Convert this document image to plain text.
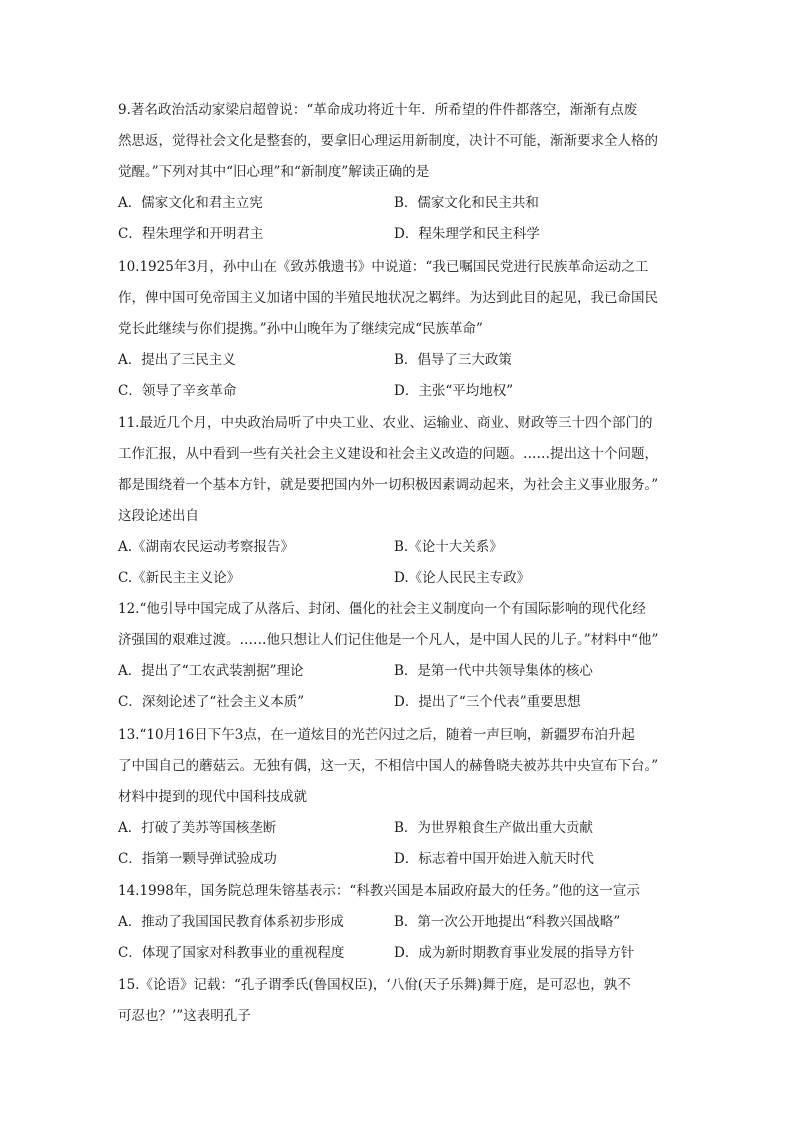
9.著名政治活动家梁启超曾说：“革命成功将近十年．所希望的件件都落空，渐渐有点废

然思返，觉得社会文化是整套的，要拿旧心理运用新制度，决计不可能，渐渐要求全人格的

觉醒。”下列对其中“旧心理”和“新制度”解读正确的是

A．儒家文化和君主立宪	B．儒家文化和民主共和
C．程朱理学和开明君主	D．程朱理学和民主科学

10.1925年3月，孙中山在《致苏俄遗书》中说道：“我已嘱国民党进行民族革命运动之工

作，俾中国可免帝国主义加诸中国的半殖民地状况之羁绊。为达到此目的起见，我已命国民

党长此继续与你们提携。”孙中山晚年为了继续完成“民族革命”

A．提出了三民主义	B．倡导了三大政策
C．领导了辛亥革命	D．主张“平均地权”

11.最近几个月，中央政治局听了中央工业、农业、运输业、商业、财政等三十四个部门的

工作汇报，从中看到一些有关社会主义建设和社会主义改造的问题。……提出这十个问题，

都是围绕着一个基本方针，就是要把国内外一切积极因素调动起来，为社会主义事业服务。”

这段论述出自

A.《湖南农民运动考察报告》	B.《论十大关系》
C.《新民主主义论》	D.《论人民民主专政》

12.“他引导中国完成了从落后、封闭、僵化的社会主义制度向一个有国际影响的现代化经

济强国的艰难过渡。……他只想让人们记住他是一个凡人，是中国人民的儿子。”材料中“他”

A．提出了“工农武装割据”理论	B．是第一代中共领导集体的核心
C．深刻论述了“社会主义本质”	D．提出了“三个代表”重要思想

13.“10月16日下午3点，在一道炫目的光芒闪过之后，随着一声巨响，新疆罗布泊升起

了中国自己的蘑菇云。无独有偶，这一天，不相信中国人的赫鲁晓夫被苏共中央宣布下台。”

材料中提到的现代中国科技成就

A．打破了美苏等国核垄断	B．为世界粮食生产做出重大贡献
C．指第一颗导弹试验成功	D．标志着中国开始进入航天时代

14.1998年，国务院总理朱镕基表示：“科教兴国是本届政府最大的任务。”他的这一宣示

A．推动了我国国民教育体系初步形成	B．第一次公开地提出“科教兴国战略”
C．体现了国家对科教事业的重视程度	D．成为新时期教育事业发展的指导方针

15.《论语》记载：“孔子谓季氏(鲁国权臣)，‘八佾(天子乐舞)舞于庭，是可忍也，孰不

可忍也？’”这表明孔子
